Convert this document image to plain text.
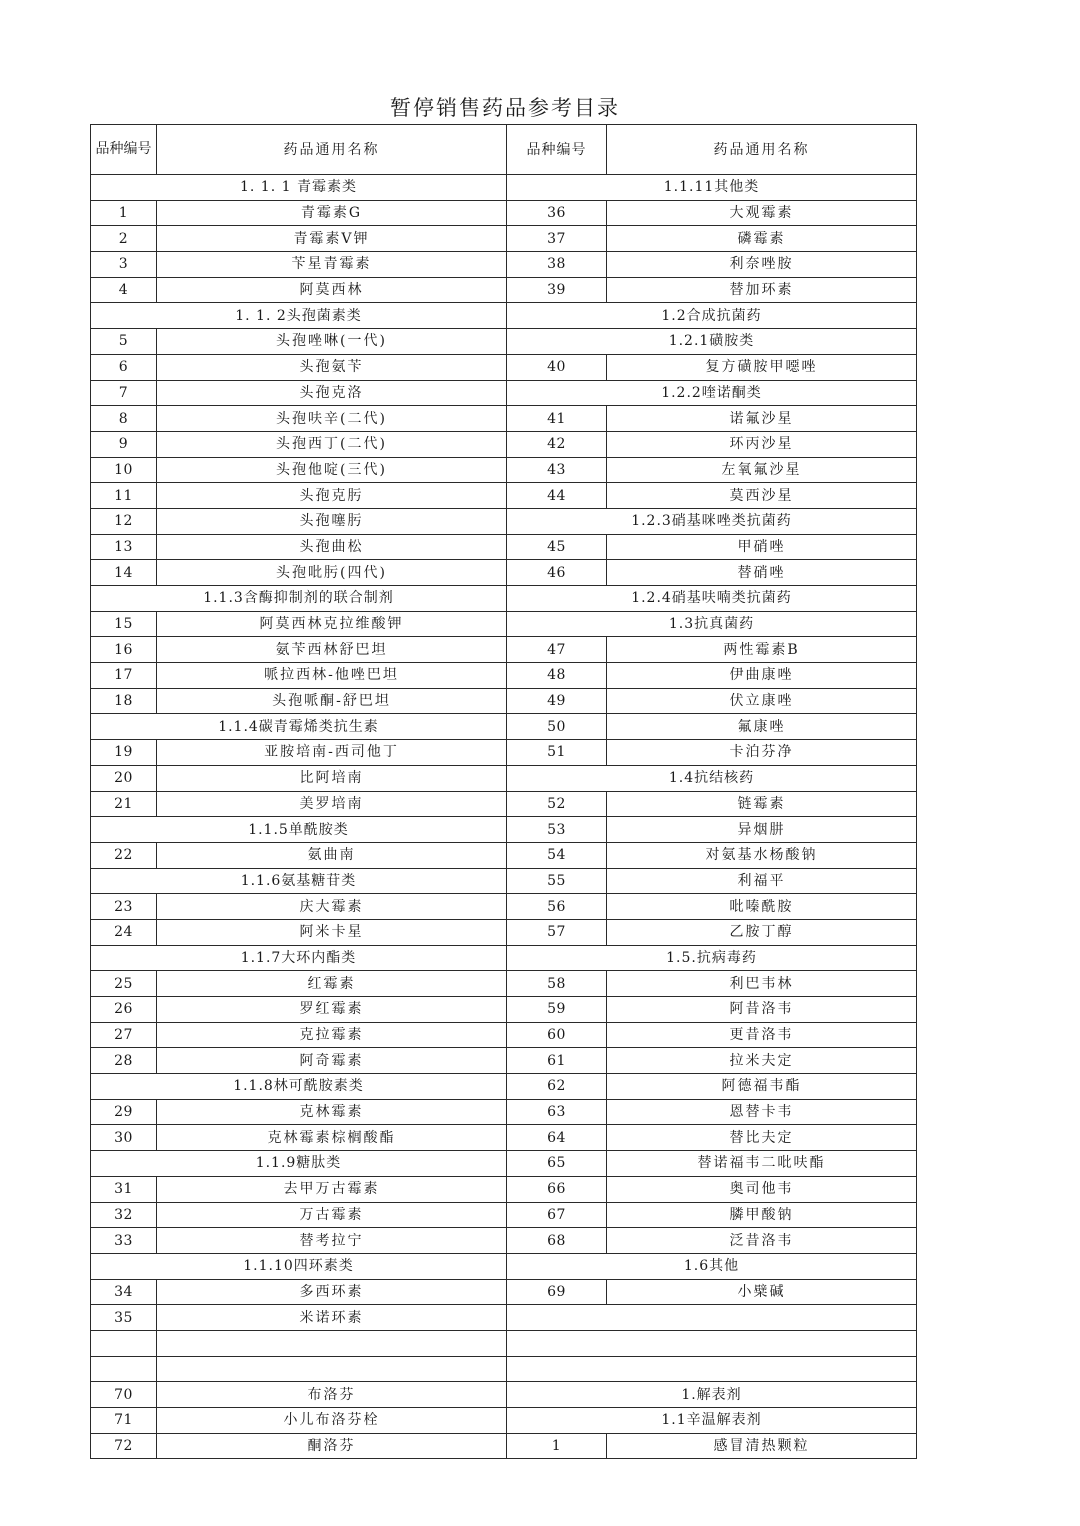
暂停销售药品参考目录
品种编号	药品通用名称	品种编号	药品通用名称
1. 1. 1 青霉素类		1.1.11其他类	
1	青霉素G	36	大观霉素
2	青霉素V钾	37	磷霉素
3	苄星青霉素	38	利奈唑胺
4	阿莫西林	39	替加环素
1. 1. 2头孢菌素类		1.2合成抗菌药	
5	头孢唑啉(一代)	1.2.1磺胺类	
6	头孢氨苄	40	复方磺胺甲噁唑
7	头孢克洛	1.2.2喹诺酮类	
8	头孢呋辛(二代)	41	诺氟沙星
9	头孢西丁(二代)	42	环丙沙星
10	头孢他啶(三代)	43	左氧氟沙星
11	头孢克肟	44	莫西沙星
12	头孢噻肟	1.2.3硝基咪唑类抗菌药	
13	头孢曲松	45	甲硝唑
14	头孢吡肟(四代)	46	替硝唑
1.1.3含酶抑制剂的联合制剂		1.2.4硝基呋喃类抗菌药	
15	阿莫西林克拉维酸钾	1.3抗真菌药	
16	氨苄西林舒巴坦	47	两性霉素B
17	哌拉西林-他唑巴坦	48	伊曲康唑
18	头孢哌酮-舒巴坦	49	伏立康唑
1.1.4碳青霉烯类抗生素		50	氟康唑
19	亚胺培南-西司他丁	51	卡泊芬净
20	比阿培南	1.4抗结核药	
21	美罗培南	52	链霉素
1.1.5单酰胺类		53	异烟肼
22	氨曲南	54	对氨基水杨酸钠
1.1.6氨基糖苷类		55	利福平
23	庆大霉素	56	吡嗪酰胺
24	阿米卡星	57	乙胺丁醇
1.1.7大环内酯类		1.5.抗病毒药	
25	红霉素	58	利巴韦林
26	罗红霉素	59	阿昔洛韦
27	克拉霉素	60	更昔洛韦
28	阿奇霉素	61	拉米夫定
1.1.8林可酰胺素类		62	阿德福韦酯
29	克林霉素	63	恩替卡韦
30	克林霉素棕榈酸酯	64	替比夫定
1.1.9糖肽类		65	替诺福韦二吡呋酯
31	去甲万古霉素	66	奥司他韦
32	万古霉素	67	膦甲酸钠
33	替考拉宁	68	泛昔洛韦
1.1.10四环素类		1.6其他	
34	多西环素	69	小檗碱
35	米诺环素		

70	布洛芬	1.解表剂	
71	小儿布洛芬栓	1.1辛温解表剂	
72	酮洛芬	1	感冒清热颗粒
